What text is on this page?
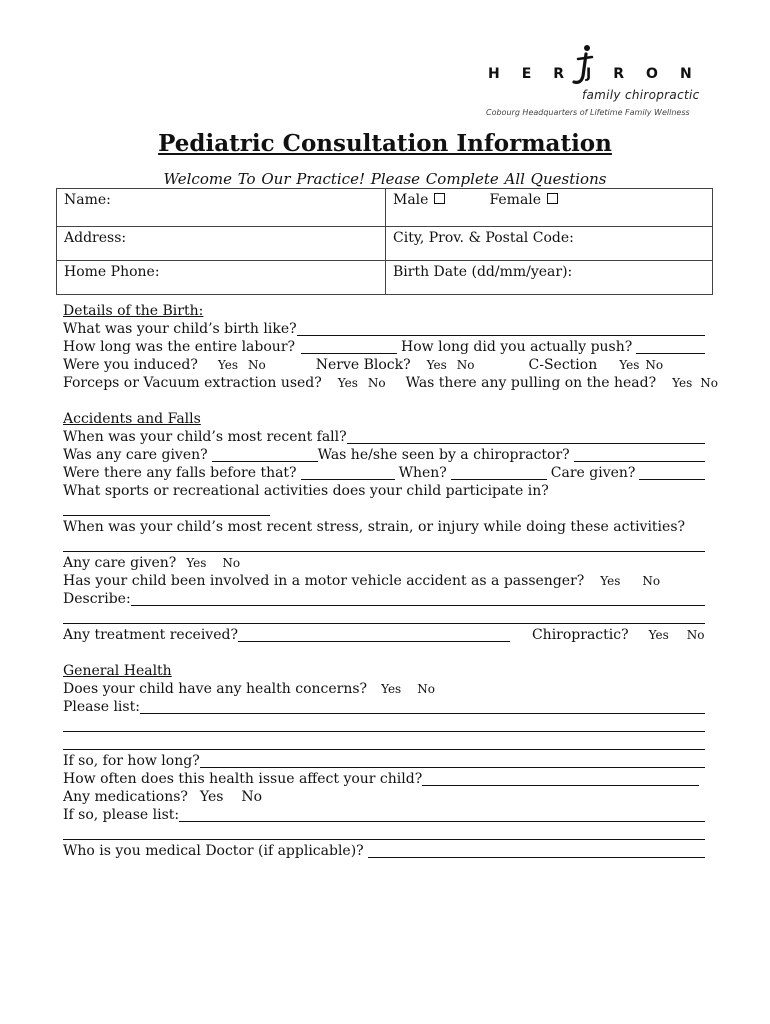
HERJRON
family chiropractic
Cobourg Headquarters of Lifetime Family Wellness
Pediatric Consultation Information
Welcome To Our Practice! Please Complete All Questions
Name:	Male Female
Address:	City, Prov. & Postal Code:
Home Phone:	Birth Date (dd/mm/year):
Details of the Birth:
What was your child’s birth like?
How long was the entire labour?	How long did you actually push?
Were you induced? Yes No	Nerve Block? Yes No	C-Section Yes No
Forceps or Vacuum extraction used? Yes No Was there any pulling on the head? Yes No
Accidents and Falls
When was your child’s most recent fall?
Was any care given?	Was he/she seen by a chiropractor?
Were there any falls before that?	When?	Care given?
What sports or recreational activities does your child participate in?
When was your child’s most recent stress, strain, or injury while doing these activities?
Any care given? Yes No
Has your child been involved in a motor vehicle accident as a passenger? Yes No
Describe:
Any treatment received?	Chiropractic? Yes No
General Health
Does your child have any health concerns? Yes No
Please list:
If so, for how long?
How often does this health issue affect your child?
Any medications? Yes No
If so, please list:
Who is you medical Doctor (if applicable)?
